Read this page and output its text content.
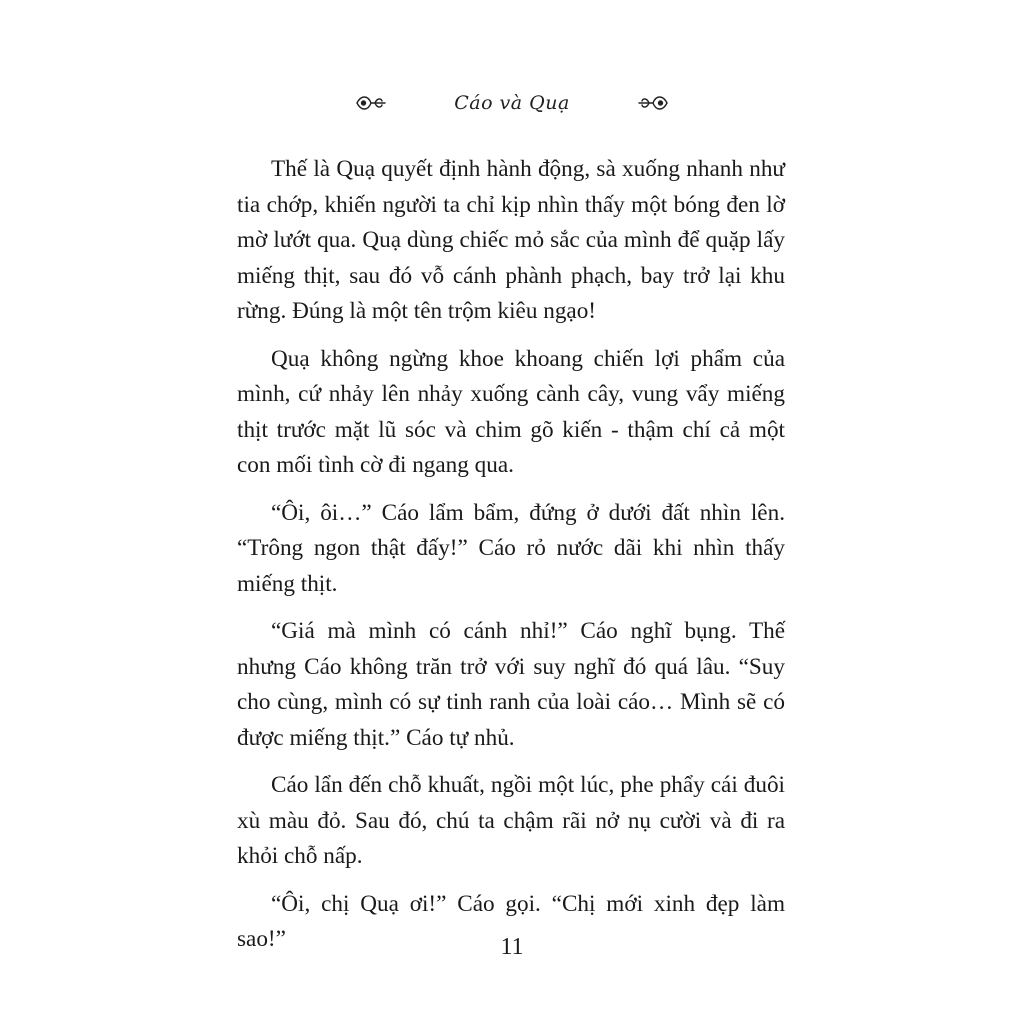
Cáo và Quạ

Thế là Quạ quyết định hành động, sà xuống nhanh như tia chớp, khiến người ta chỉ kịp nhìn thấy một bóng đen lờ mờ lướt qua. Quạ dùng chiếc mỏ sắc của mình để quặp lấy miếng thịt, sau đó vỗ cánh phành phạch, bay trở lại khu rừng. Đúng là một tên trộm kiêu ngạo!

Quạ không ngừng khoe khoang chiến lợi phẩm của mình, cứ nhảy lên nhảy xuống cành cây, vung vẩy miếng thịt trước mặt lũ sóc và chim gõ kiến - thậm chí cả một con mối tình cờ đi ngang qua.

“Ôi, ôi…” Cáo lẩm bẩm, đứng ở dưới đất nhìn lên. “Trông ngon thật đấy!” Cáo rỏ nước dãi khi nhìn thấy miếng thịt.

“Giá mà mình có cánh nhỉ!” Cáo nghĩ bụng. Thế nhưng Cáo không trăn trở với suy nghĩ đó quá lâu. “Suy cho cùng, mình có sự tinh ranh của loài cáo… Mình sẽ có được miếng thịt.” Cáo tự nhủ.

Cáo lẩn đến chỗ khuất, ngồi một lúc, phe phẩy cái đuôi xù màu đỏ. Sau đó, chú ta chậm rãi nở nụ cười và đi ra khỏi chỗ nấp.

“Ôi, chị Quạ ơi!” Cáo gọi. “Chị mới xinh đẹp làm sao!”	11
